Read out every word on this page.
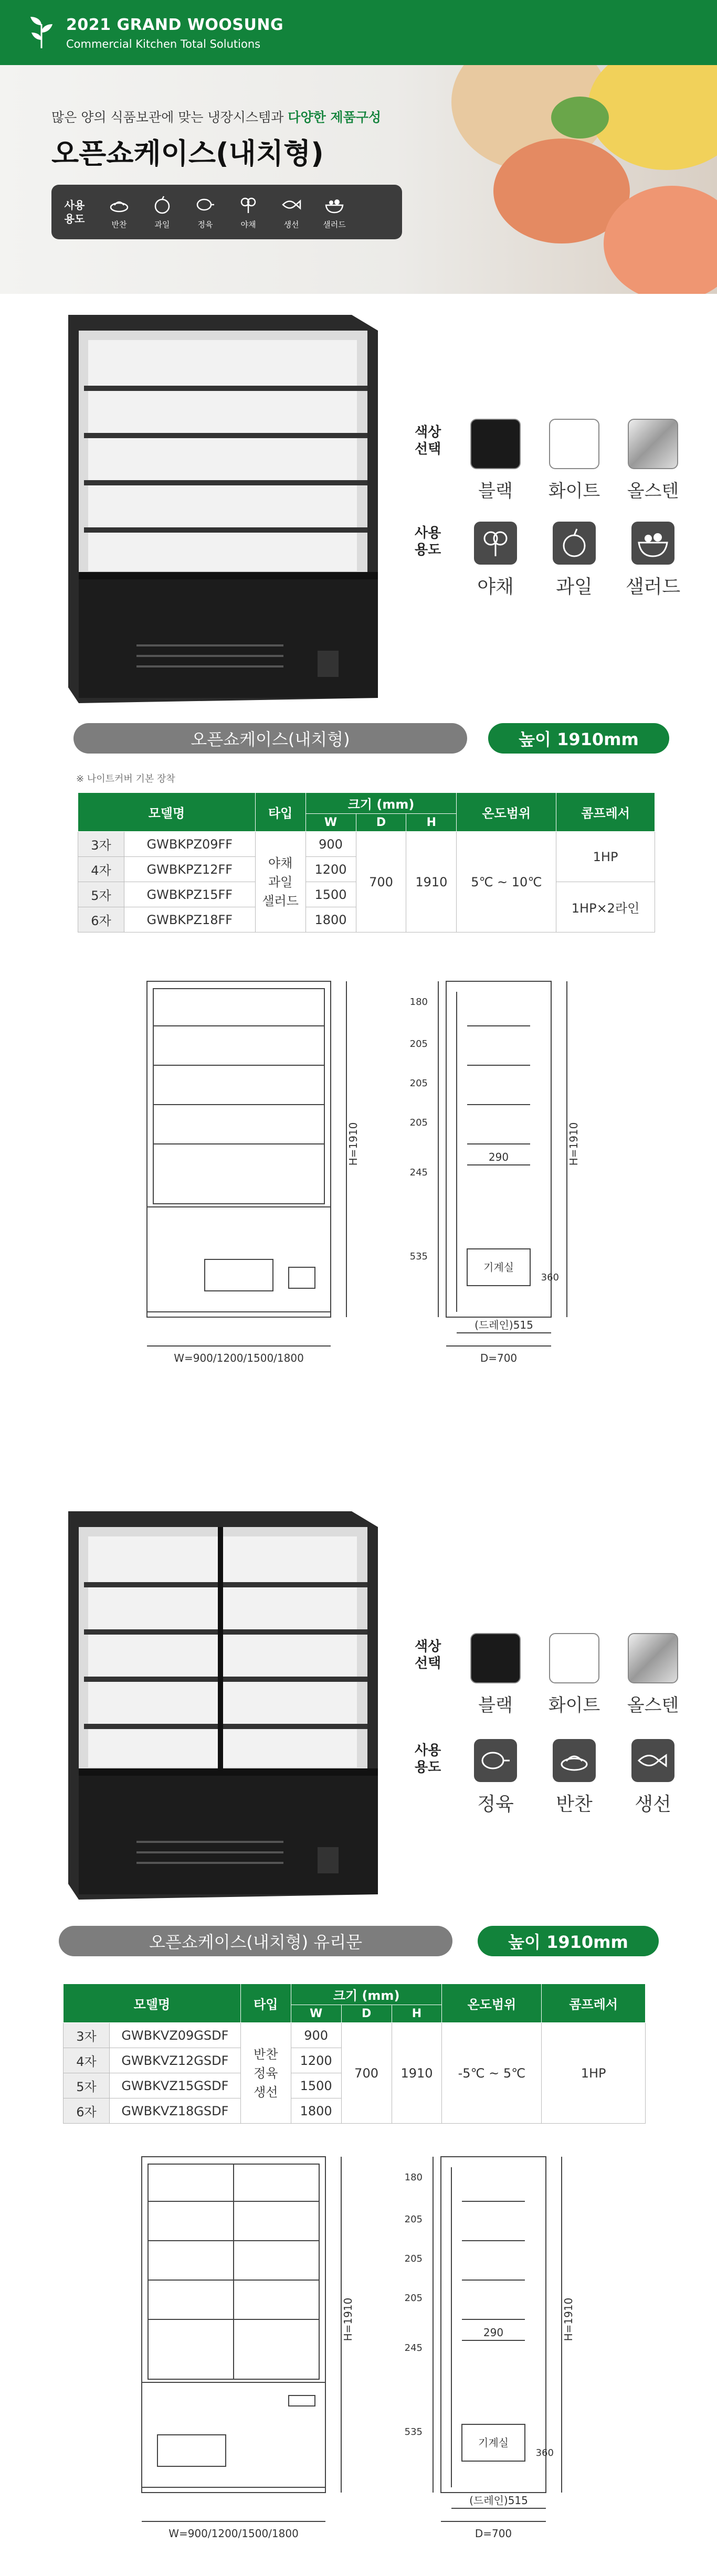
2021 GRAND WOOSUNG
Commercial Kitchen Total Solutions
많은 양의 식품보관에 맞는 냉장시스템과 다양한 제품구성
오픈쇼케이스(내치형)
사용
용도	반찬	과일	정육	야채	생선	샐러드
색상
선택
블랙	화이트	올스텐
사용
용도
야채	과일	샐러드
오픈쇼케이스(내치형)	높이 1910mm
※ 나이트커버 기본 장착
모델명		타입	크기 (mm)			온도범위	콤프레서
			W	D	H		
3자	GWBKPZ09FF	야채
과일
샐러드	900	700	1910	5℃ ~ 10℃	1HP
4자	GWBKPZ12FF		1200				
5자	GWBKPZ15FF		1500				1HP×2라인
6자	GWBKPZ18FF		1800				
W=900/1200/1500/1800
H=1910	H=1910
D=700
(드레인)515
기계실
290
180
205
205
205
245
535
360
색상
선택
블랙	화이트	올스텐
사용
용도
정육	반찬	생선
오픈쇼케이스(내치형) 유리문	높이 1910mm
모델명		타입	크기 (mm)			온도범위	콤프레서
			W	D	H		
3자	GWBKVZ09GSDF	반찬
정육
생선	900	700	1910	-5℃ ~ 5℃	1HP
4자	GWBKVZ12GSDF		1200				
5자	GWBKVZ15GSDF		1500				
6자	GWBKVZ18GSDF		1800				
W=900/1200/1500/1800
H=1910	H=1910
D=700
(드레인)515
기계실
290
180
205
205
205
245
535
360
